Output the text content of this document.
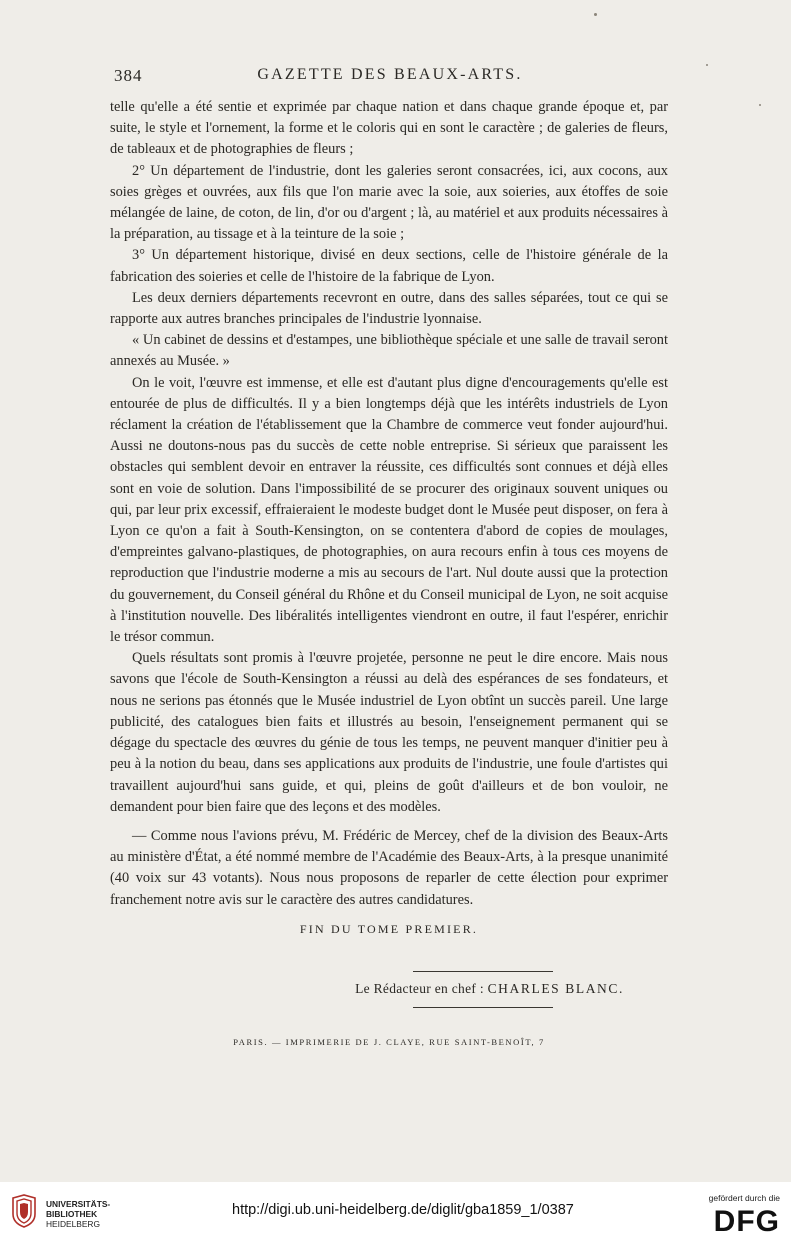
384	GAZETTE DES BEAUX-ARTS.

telle qu'elle a été sentie et exprimée par chaque nation et dans chaque grande époque et, par suite, le style et l'ornement, la forme et le coloris qui en sont le caractère ; de galeries de fleurs, de tableaux et de photographies de fleurs ;

2° Un département de l'industrie, dont les galeries seront consacrées, ici, aux cocons, aux soies grèges et ouvrées, aux fils que l'on marie avec la soie, aux soieries, aux étoffes de soie mélangée de laine, de coton, de lin, d'or ou d'argent ; là, au matériel et aux produits nécessaires à la préparation, au tissage et à la teinture de la soie ;

3° Un département historique, divisé en deux sections, celle de l'histoire générale de la fabrication des soieries et celle de l'histoire de la fabrique de Lyon.

Les deux derniers départements recevront en outre, dans des salles séparées, tout ce qui se rapporte aux autres branches principales de l'industrie lyonnaise.

« Un cabinet de dessins et d'estampes, une bibliothèque spéciale et une salle de travail seront annexés au Musée. »

On le voit, l'œuvre est immense, et elle est d'autant plus digne d'encouragements qu'elle est entourée de plus de difficultés. Il y a bien longtemps déjà que les intérêts industriels de Lyon réclament la création de l'établissement que la Chambre de commerce veut fonder aujourd'hui. Aussi ne doutons-nous pas du succès de cette noble entreprise. Si sérieux que paraissent les obstacles qui semblent devoir en entraver la réussite, ces difficultés sont connues et déjà elles sont en voie de solution. Dans l'impossibilité de se procurer des originaux souvent uniques ou qui, par leur prix excessif, effraieraient le modeste budget dont le Musée peut disposer, on fera à Lyon ce qu'on a fait à South-Kensington, on se contentera d'abord de copies de moulages, d'empreintes galvano-plastiques, de photographies, on aura recours enfin à tous ces moyens de reproduction que l'industrie moderne a mis au secours de l'art. Nul doute aussi que la protection du gouvernement, du Conseil général du Rhône et du Conseil municipal de Lyon, ne soit acquise à l'institution nouvelle. Des libéralités intelligentes viendront en outre, il faut l'espérer, enrichir le trésor commun.

Quels résultats sont promis à l'œuvre projetée, personne ne peut le dire encore. Mais nous savons que l'école de South-Kensington a réussi au delà des espérances de ses fondateurs, et nous ne serions pas étonnés que le Musée industriel de Lyon obtînt un succès pareil. Une large publicité, des catalogues bien faits et illustrés au besoin, l'enseignement permanent qui se dégage du spectacle des œuvres du génie de tous les temps, ne peuvent manquer d'initier peu à peu à la notion du beau, dans ses applications aux produits de l'industrie, une foule d'artistes qui travaillent aujourd'hui sans guide, et qui, pleins de goût d'ailleurs et de bon vouloir, ne demandent pour bien faire que des leçons et des modèles.

— Comme nous l'avions prévu, M. Frédéric de Mercey, chef de la division des Beaux-Arts au ministère d'État, a été nommé membre de l'Académie des Beaux-Arts, à la presque unanimité (40 voix sur 43 votants). Nous nous proposons de reparler de cette élection pour exprimer franchement notre avis sur le caractère des autres candidatures.

FIN DU TOME PREMIER.
Le Rédacteur en chef : CHARLES BLANC.
PARIS. — IMPRIMERIE DE J. CLAYE, RUE SAINT-BENOÎT, 7
UNIVERSITÄTS-
BIBLIOTHEK
HEIDELBERG
http://digi.ub.uni-heidelberg.de/diglit/gba1859_1/0387
gefördert durch die
DFG
